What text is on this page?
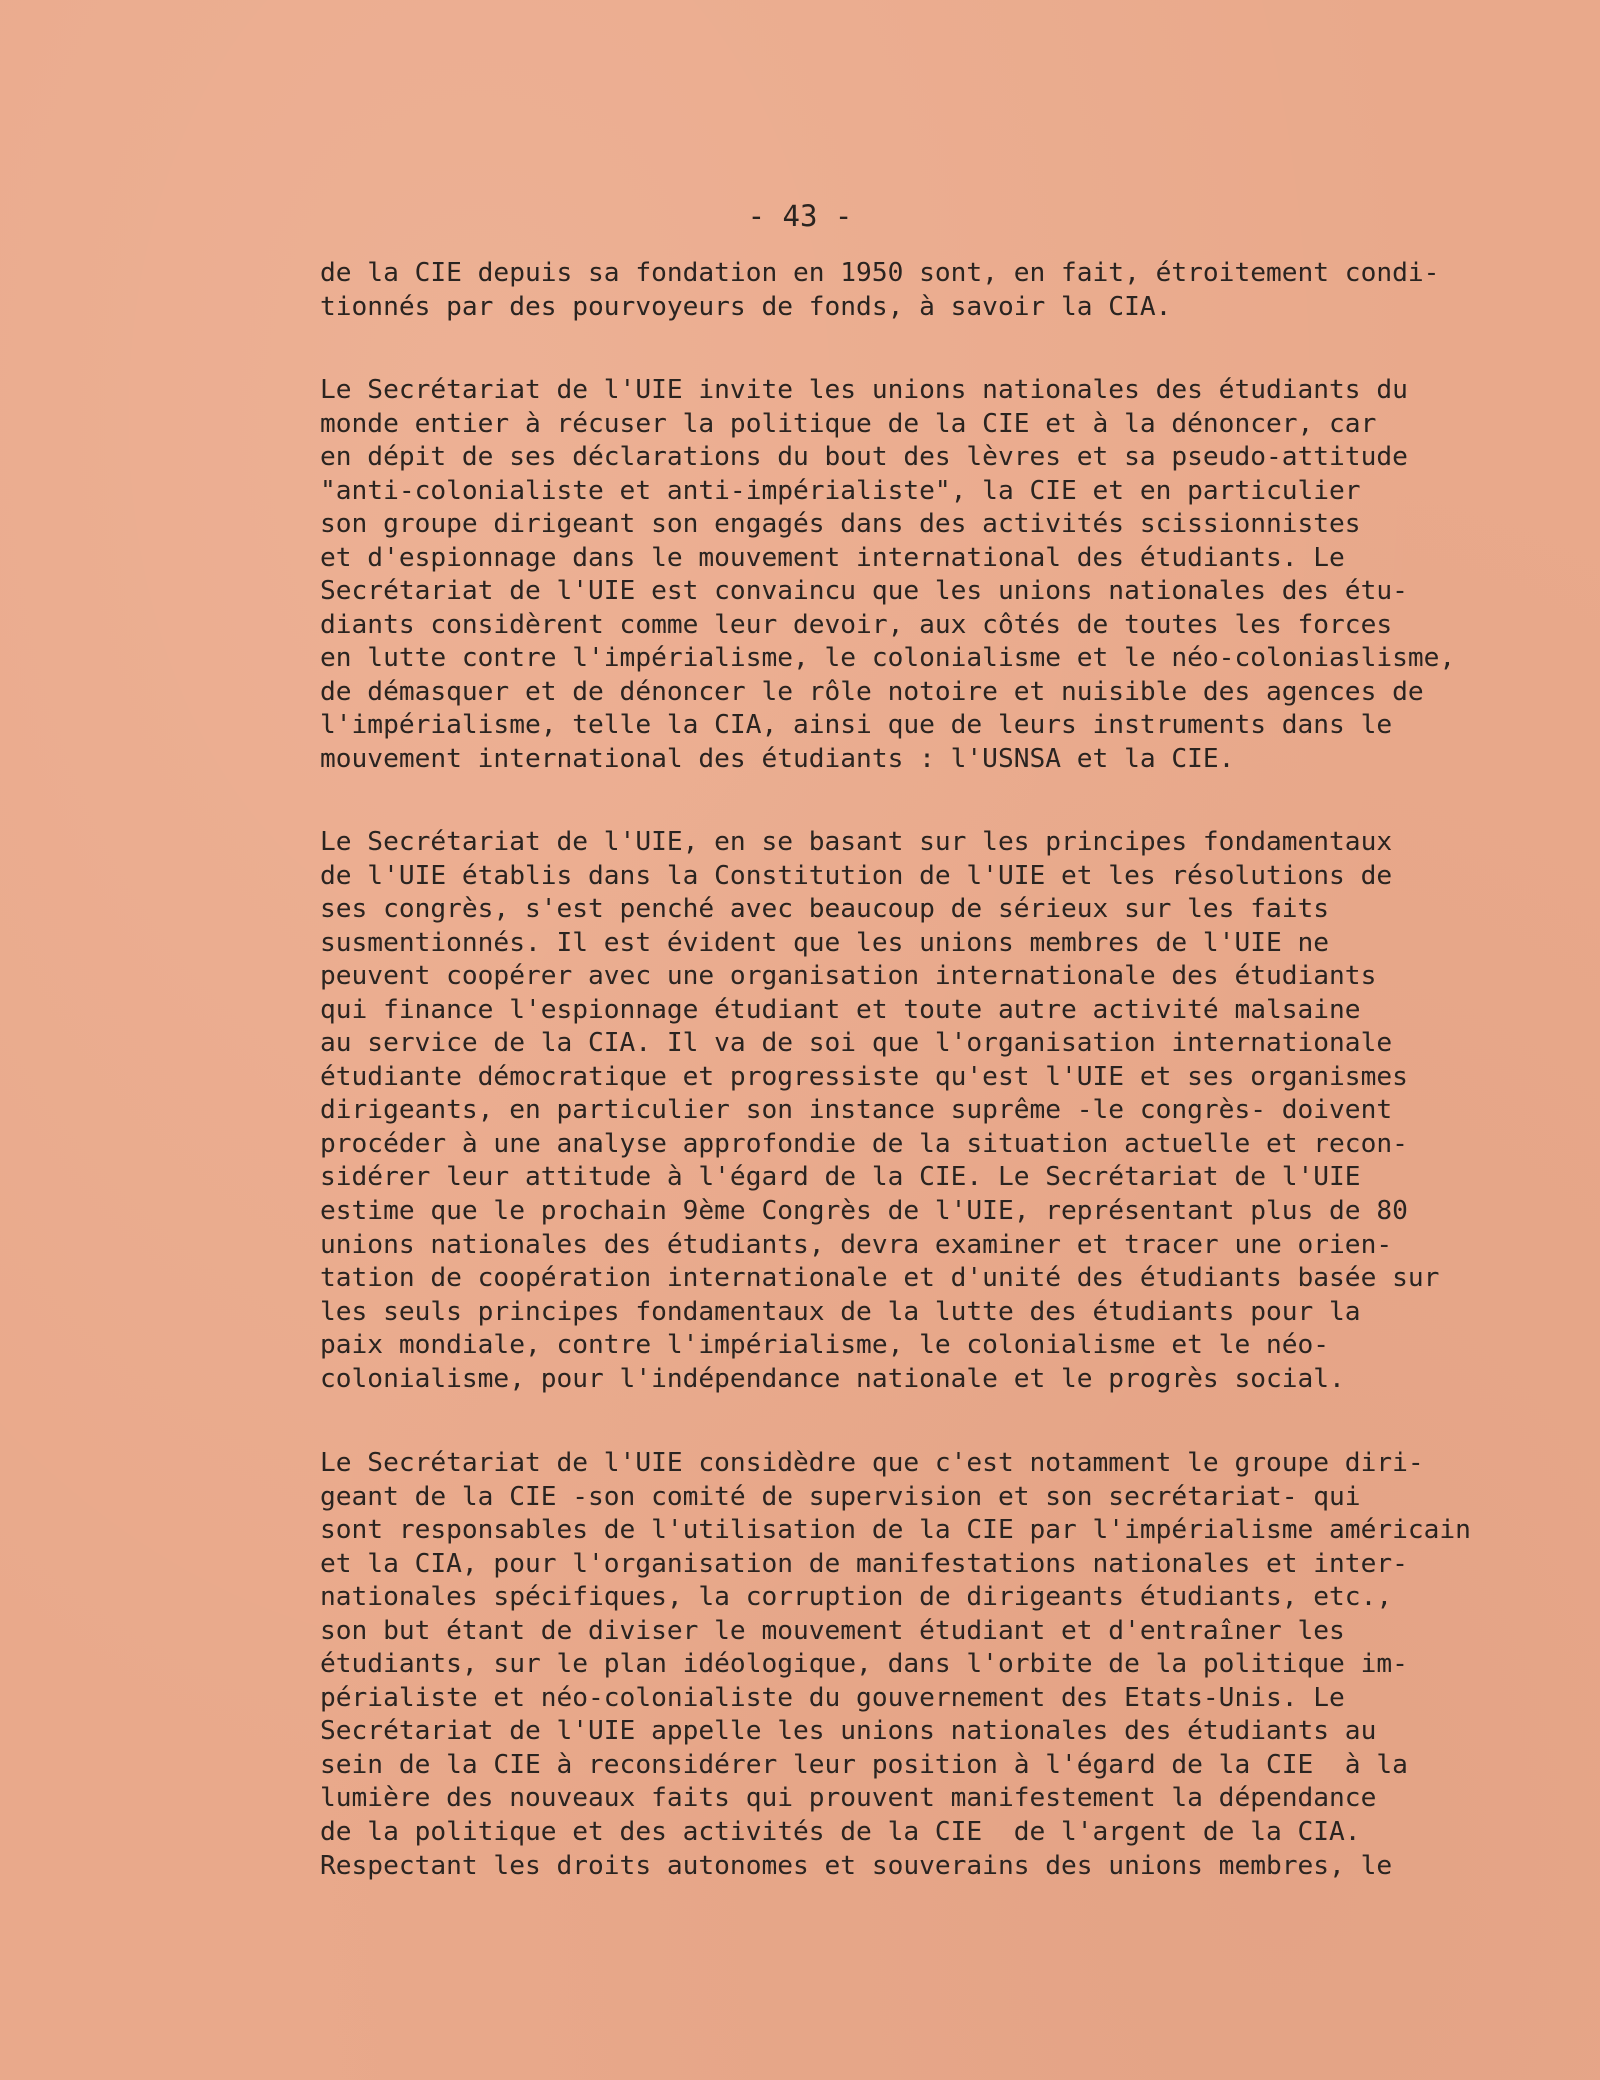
- 43 -
de la CIE depuis sa fondation en 1950 sont, en fait, étroitement condi-
tionnés par des pourvoyeurs de fonds, à savoir la CIA.
Le Secrétariat de l'UIE invite les unions nationales des étudiants du
monde entier à récuser la politique de la CIE et à la dénoncer, car
en dépit de ses déclarations du bout des lèvres et sa pseudo-attitude
"anti-colonialiste et anti-impérialiste", la CIE et en particulier
son groupe dirigeant son engagés dans des activités scissionnistes
et d'espionnage dans le mouvement international des étudiants. Le
Secrétariat de l'UIE est convaincu que les unions nationales des étu-
diants considèrent comme leur devoir, aux côtés de toutes les forces
en lutte contre l'impérialisme, le colonialisme et le néo-coloniaslisme,
de démasquer et de dénoncer le rôle notoire et nuisible des agences de
l'impérialisme, telle la CIA, ainsi que de leurs instruments dans le
mouvement international des étudiants : l'USNSA et la CIE.
Le Secrétariat de l'UIE, en se basant sur les principes fondamentaux
de l'UIE établis dans la Constitution de l'UIE et les résolutions de
ses congrès, s'est penché avec beaucoup de sérieux sur les faits
susmentionnés. Il est évident que les unions membres de l'UIE ne
peuvent coopérer avec une organisation internationale des étudiants
qui finance l'espionnage étudiant et toute autre activité malsaine
au service de la CIA. Il va de soi que l'organisation internationale
étudiante démocratique et progressiste qu'est l'UIE et ses organismes
dirigeants, en particulier son instance suprême -le congrès- doivent
procéder à une analyse approfondie de la situation actuelle et recon-
sidérer leur attitude à l'égard de la CIE. Le Secrétariat de l'UIE
estime que le prochain 9ème Congrès de l'UIE, représentant plus de 80
unions nationales des étudiants, devra examiner et tracer une orien-
tation de coopération internationale et d'unité des étudiants basée sur
les seuls principes fondamentaux de la lutte des étudiants pour la
paix mondiale, contre l'impérialisme, le colonialisme et le néo-
colonialisme, pour l'indépendance nationale et le progrès social.
Le Secrétariat de l'UIE considèdre que c'est notamment le groupe diri-
geant de la CIE -son comité de supervision et son secrétariat- qui
sont responsables de l'utilisation de la CIE par l'impérialisme américain
et la CIA, pour l'organisation de manifestations nationales et inter-
nationales spécifiques, la corruption de dirigeants étudiants, etc.,
son but étant de diviser le mouvement étudiant et d'entraîner les
étudiants, sur le plan idéologique, dans l'orbite de la politique im-
périaliste et néo-colonialiste du gouvernement des Etats-Unis. Le
Secrétariat de l'UIE appelle les unions nationales des étudiants au
sein de la CIE à reconsidérer leur position à l'égard de la CIE  à la
lumière des nouveaux faits qui prouvent manifestement la dépendance
de la politique et des activités de la CIE  de l'argent de la CIA.
Respectant les droits autonomes et souverains des unions membres, le
